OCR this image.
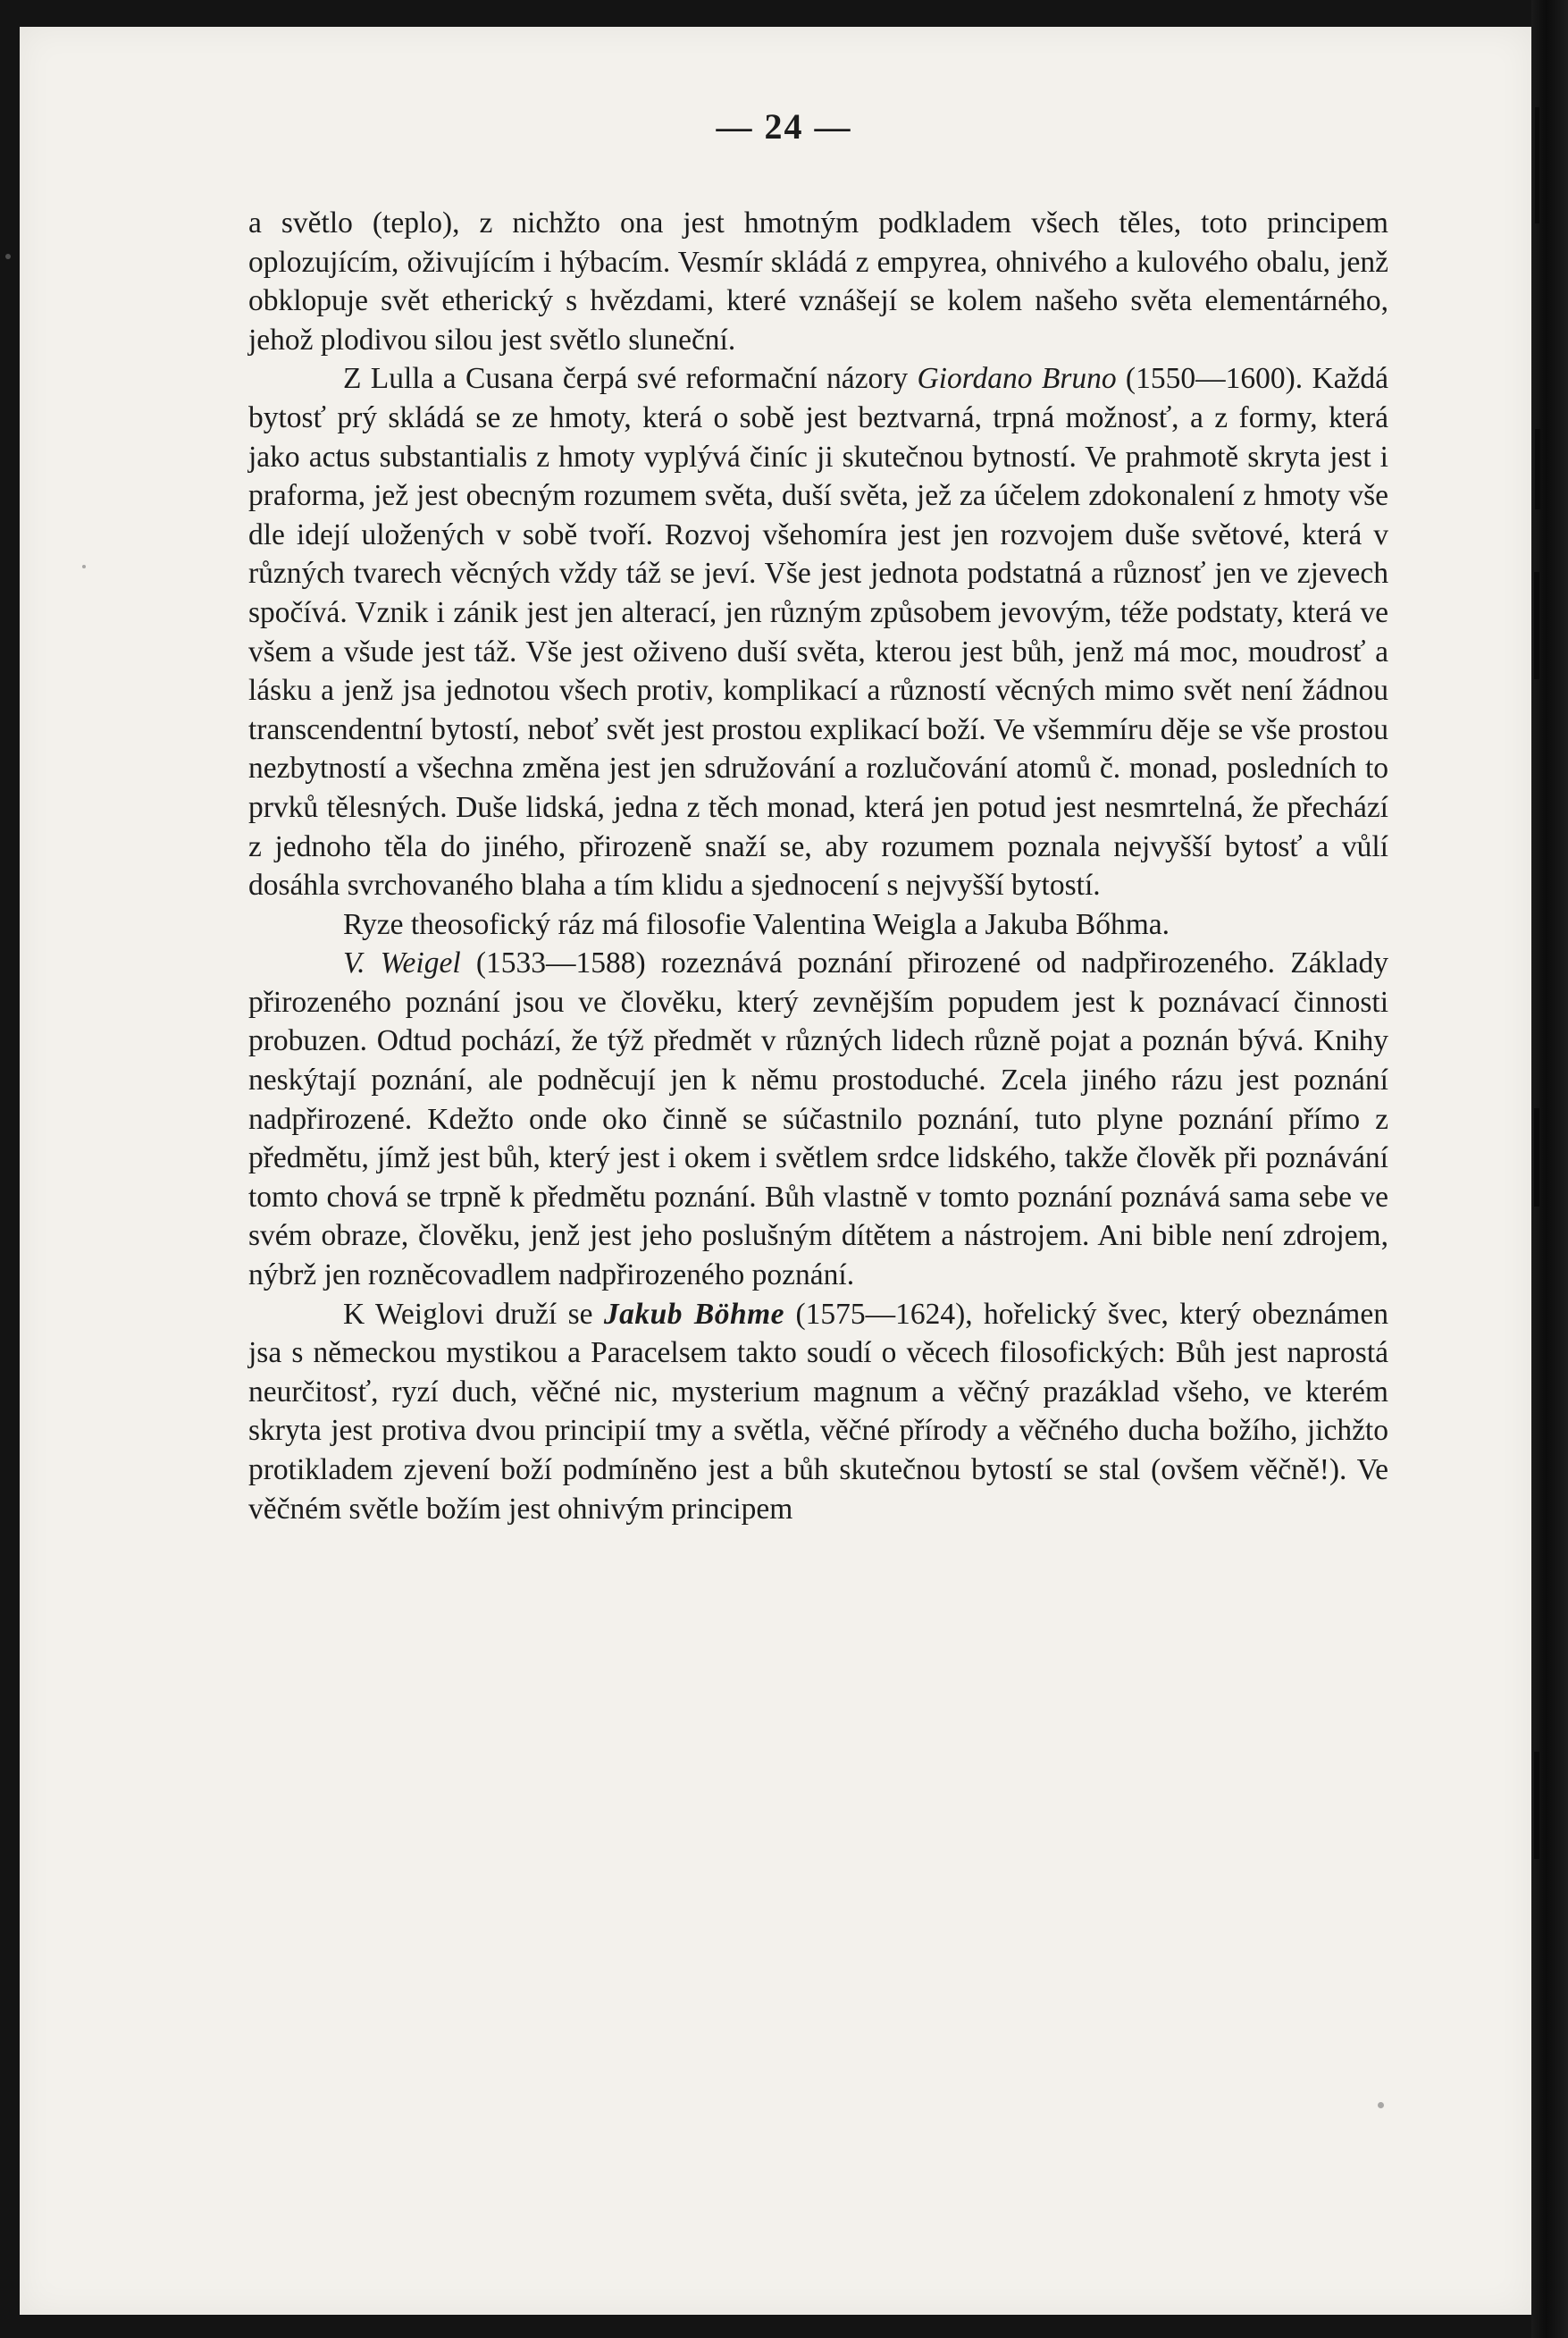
— 24 —

a světlo (teplo), z nichžto ona jest hmotným podkladem všech těles, toto principem oplozujícím, oživujícím i hýbacím. Vesmír skládá z empyrea, ohnivého a kulového obalu, jenž obklopuje svět etherický s hvězdami, které vznášejí se kolem našeho světa elementárného, jehož plodivou silou jest světlo sluneční.

Z Lulla a Cusana čerpá své reformační názory Giordano Bruno (1550—1600). Každá bytosť prý skládá se ze hmoty, která o sobě jest beztvarná, trpná možnosť, a z formy, která jako actus substantialis z hmoty vyplývá činíc ji skutečnou bytností. Ve prahmotě skryta jest i praforma, jež jest obecným rozumem světa, duší světa, jež za účelem zdokonalení z hmoty vše dle idejí uložených v sobě tvoří. Rozvoj všehomíra jest jen rozvojem duše světové, která v různých tvarech věcných vždy táž se jeví. Vše jest jednota podstatná a různosť jen ve zjevech spočívá. Vznik i zánik jest jen alterací, jen různým způsobem jevovým, téže podstaty, která ve všem a všude jest táž. Vše jest oživeno duší světa, kterou jest bůh, jenž má moc, moudrosť a lásku a jenž jsa jednotou všech protiv, komplikací a růzností věcných mimo svět není žádnou transcendentní bytostí, neboť svět jest prostou explikací boží. Ve všemmíru děje se vše prostou nezbytností a všechna změna jest jen sdružování a rozlučování atomů č. monad, posledních to prvků tělesných. Duše lidská, jedna z těch monad, která jen potud jest nesmrtelná, že přechází z jednoho těla do jiného, přirozeně snaží se, aby rozumem poznala nejvyšší bytosť a vůlí dosáhla svrchovaného blaha a tím klidu a sjednocení s nejvyšší bytostí.

Ryze theosofický ráz má filosofie Valentina Weigla a Jakuba Bőhma.

V. Weigel (1533—1588) rozeznává poznání přirozené od nadpřirozeného. Základy přirozeného poznání jsou ve člověku, který zevnějším popudem jest k poznávací činnosti probuzen. Odtud pochází, že týž předmět v různých lidech různě pojat a poznán bývá. Knihy neskýtají poznání, ale podněcují jen k němu prostoduché. Zcela jiného rázu jest poznání nadpřirozené. Kdežto onde oko činně se súčastnilo poznání, tuto plyne poznání přímo z předmětu, jímž jest bůh, který jest i okem i světlem srdce lidského, takže člověk při poznávání tomto chová se trpně k předmětu poznání. Bůh vlastně v tomto poznání poznává sama sebe ve svém obraze, člověku, jenž jest jeho poslušným dítětem a nástrojem. Ani bible není zdrojem, nýbrž jen rozněcovadlem nadpřirozeného poznání.

K Weiglovi druží se Jakub Böhme (1575—1624), hořelický švec, který obeznámen jsa s německou mystikou a Paracelsem takto soudí o věcech filosofických: Bůh jest naprostá neurčitosť, ryzí duch, věčné nic, mysterium magnum a věčný prazáklad všeho, ve kterém skryta jest protiva dvou principií tmy a světla, věčné přírody a věčného ducha božího, jichžto protikladem zjevení boží podmíněno jest a bůh skutečnou bytostí se stal (ovšem věčně!). Ve věčném světle božím jest ohnivým principem
